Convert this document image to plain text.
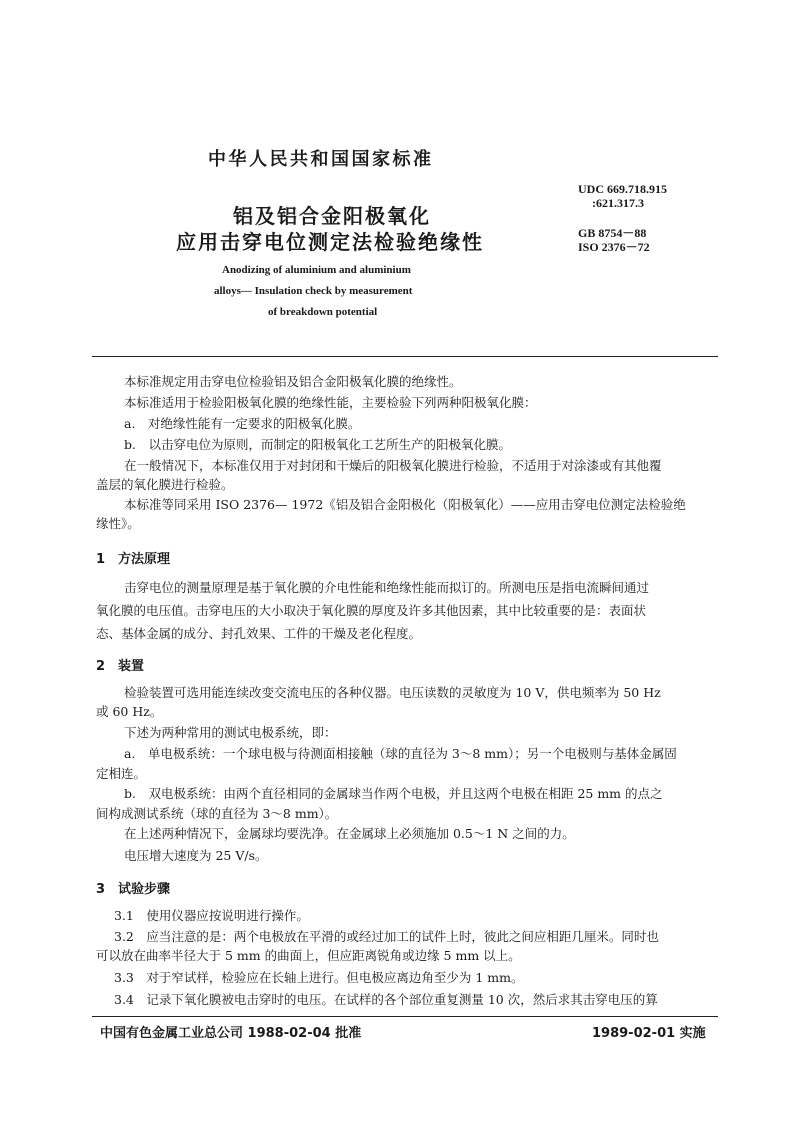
中华人民共和国国家标准
UDC 669.718.915
:621.317.3
GB 8754－88
ISO 2376－72
铝及铝合金阳极氧化
应用击穿电位测定法检验绝缘性
Anodizing of aluminium and aluminium
alloys— Insulation check by measurement
of breakdown potential
本标准规定用击穿电位检验铝及铝合金阳极氧化膜的绝缘性。
本标准适用于检验阳极氧化膜的绝缘性能，主要检验下列两种阳极氧化膜：
a.　对绝缘性能有一定要求的阳极氧化膜。
b.　以击穿电位为原则，而制定的阳极氧化工艺所生产的阳极氧化膜。
在一般情况下，本标准仅用于对封闭和干燥后的阳极氧化膜进行检验，不适用于对涂漆或有其他覆
盖层的氧化膜进行检验。
本标准等同采用 ISO 2376— 1972《铝及铝合金阳极化（阳极氧化）——应用击穿电位测定法检验绝
缘性》。
1　方法原理
击穿电位的测量原理是基于氧化膜的介电性能和绝缘性能而拟订的。所测电压是指电流瞬间通过
氧化膜的电压值。击穿电压的大小取决于氧化膜的厚度及许多其他因素，其中比较重要的是：表面状
态、基体金属的成分、封孔效果、工件的干燥及老化程度。
2　装置
检验装置可选用能连续改变交流电压的各种仪器。电压读数的灵敏度为 10 V，供电频率为 50 Hz
或 60 Hz。
下述为两种常用的测试电极系统，即：
a.　单电极系统：一个球电极与待测面相接触（球的直径为 3～8 mm）；另一个电极则与基体金属固
定相连。
b.　双电极系统：由两个直径相同的金属球当作两个电极，并且这两个电极在相距 25 mm 的点之
间构成测试系统（球的直径为 3～8 mm）。
在上述两种情况下，金属球均要洗净。在金属球上必须施加 0.5～1 N 之间的力。
电压增大速度为 25 V/s。
3　试验步骤
3.1　使用仪器应按说明进行操作。
3.2　应当注意的是：两个电极放在平滑的或经过加工的试件上时，彼此之间应相距几厘米。同时也
可以放在曲率半径大于 5 mm 的曲面上，但应距离锐角或边缘 5 mm 以上。
3.3　对于窄试样，检验应在长轴上进行。但电极应离边角至少为 1 mm。
3.4　记录下氧化膜被电击穿时的电压。在试样的各个部位重复测量 10 次，然后求其击穿电压的算
中国有色金属工业总公司 1988-02-04 批准	1989-02-01 实施
